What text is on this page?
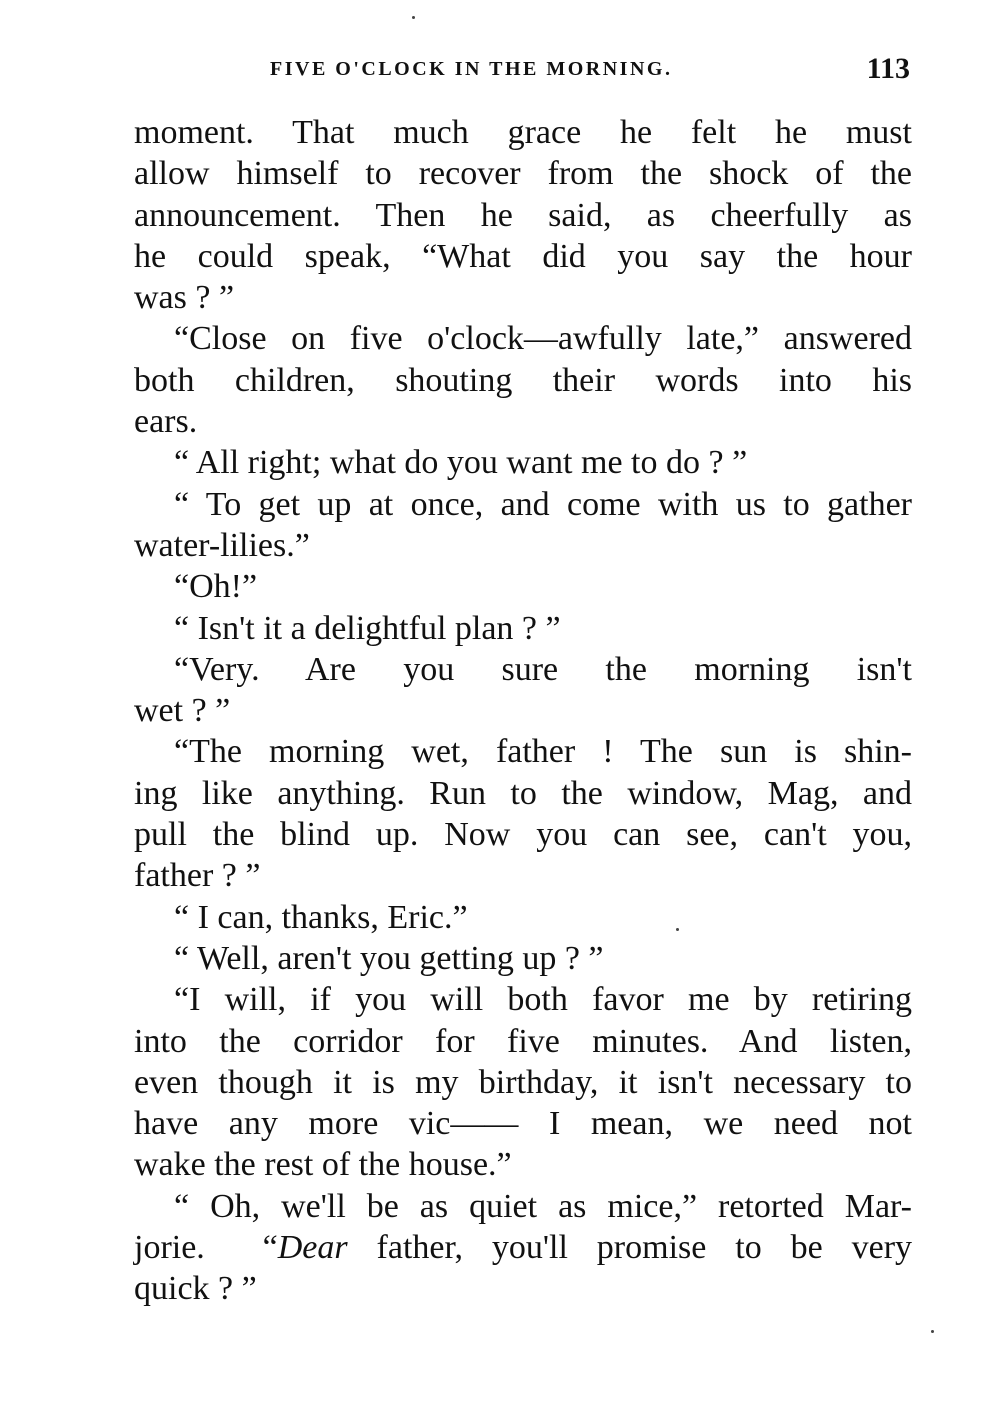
FIVE O'CLOCK IN THE MORNING.	113
moment. That much grace he felt he must
allow himself to recover from the shock of the
announcement. Then he said, as cheerfully as
he could speak, “What did you say the hour
was ? ”
“Close on five o'clock—awfully late,” answered
both children, shouting their words into his
ears.
“ All right; what do you want me to do ? ”
“ To get up at once, and come with us to gather
water-lilies.”
“Oh!”
“ Isn't it a delightful plan ? ”
“Very. Are you sure the morning isn't
wet ? ”
“The morning wet, father ! The sun is shin-
ing like anything. Run to the window, Mag, and
pull the blind up. Now you can see, can't you,
father ? ”
“ I can, thanks, Eric.”
“ Well, aren't you getting up ? ”
“I will, if you will both favor me by retiring
into the corridor for five minutes. And listen,
even though it is my birthday, it isn't necessary to
have any more vic—— I mean, we need not
wake the rest of the house.”
“ Oh, we'll be as quiet as mice,” retorted Mar-
jorie.  “Dear father, you'll promise to be very
quick ? ”
